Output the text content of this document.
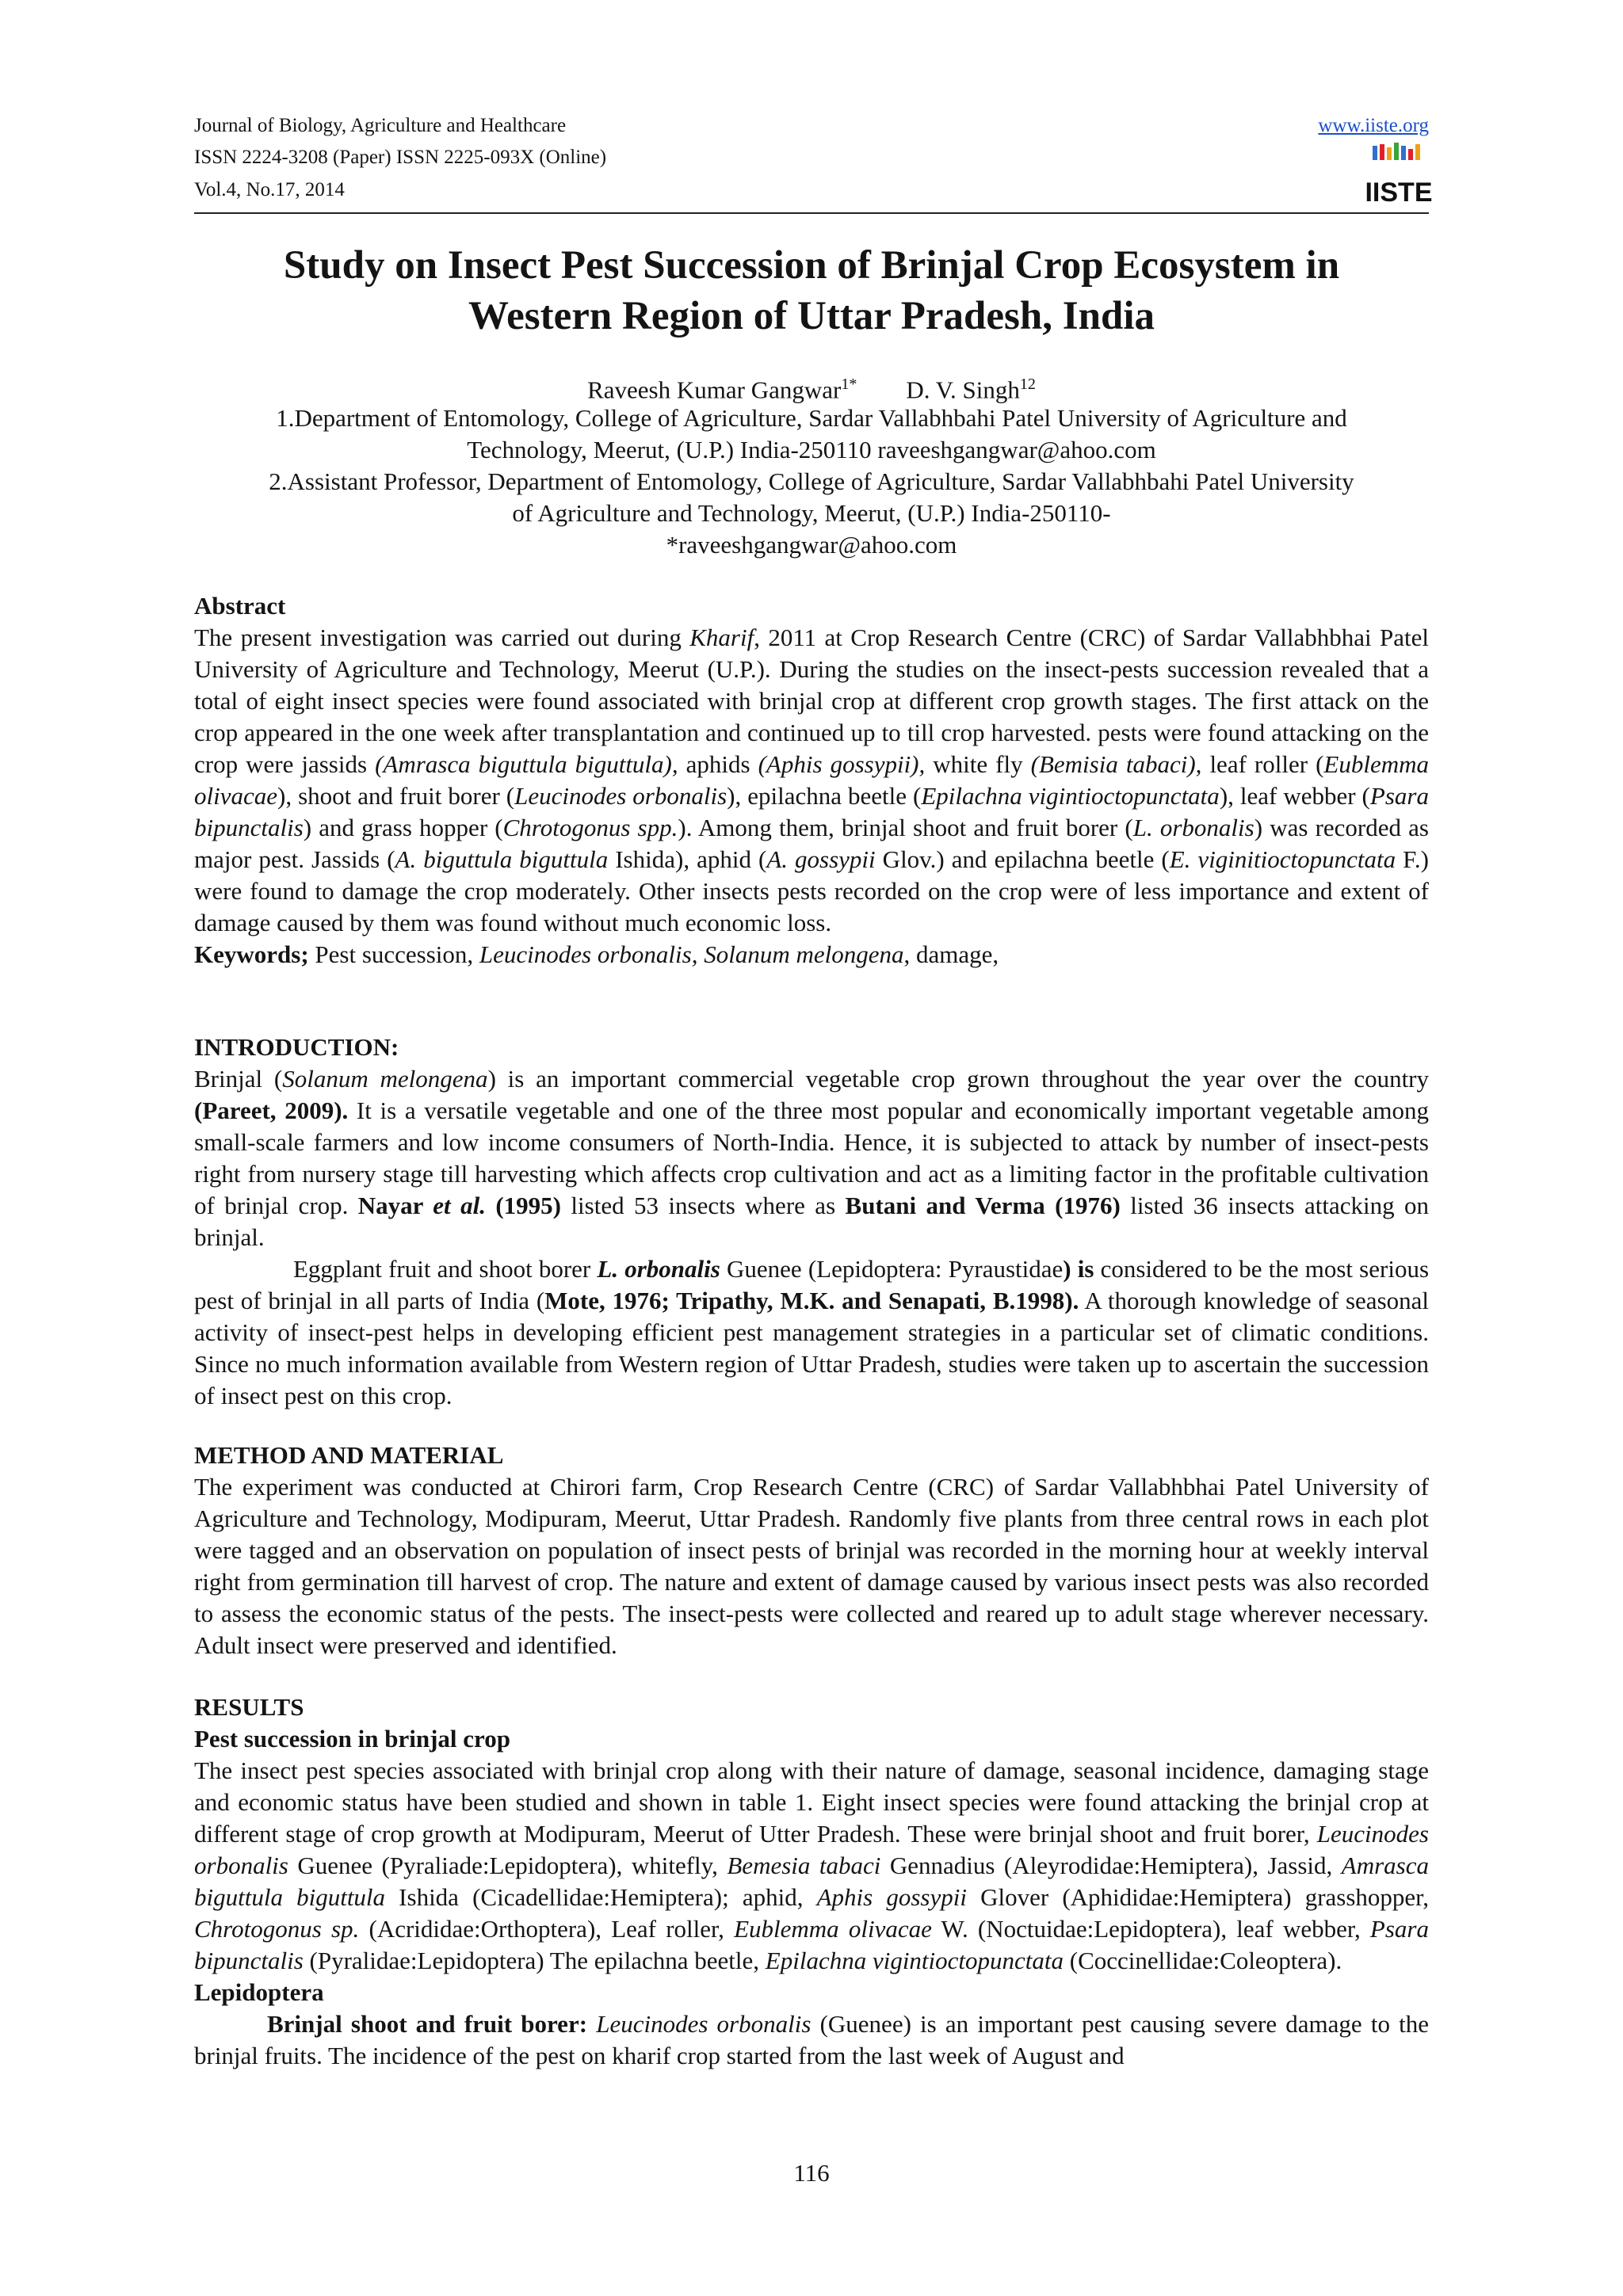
Journal of Biology, Agriculture and Healthcare
ISSN 2224-3208 (Paper) ISSN 2225-093X (Online)
Vol.4, No.17, 2014
www.iiste.org
IISTE
Study on Insect Pest Succession of Brinjal Crop Ecosystem in
Western Region of Uttar Pradesh, India
Raveesh Kumar Gangwar$^{1*}$ D. V. Singh$^{12}$
1.Department of Entomology, College of Agriculture, Sardar Vallabhbahi Patel University of Agriculture and
Technology, Meerut, (U.P.) India-250110 raveeshgangwar@ahoo.com
2.Assistant Professor, Department of Entomology, College of Agriculture, Sardar Vallabhbahi Patel University
of Agriculture and Technology, Meerut, (U.P.) India-250110-
*raveeshgangwar@ahoo.com
Abstract

The present investigation was carried out during Kharif, 2011 at Crop Research Centre (CRC) of Sardar Vallabhbhai Patel University of Agriculture and Technology, Meerut (U.P.). During the studies on the insect-pests succession revealed that a total of eight insect species were found associated with brinjal crop at different crop growth stages. The first attack on the crop appeared in the one week after transplantation and continued up to till crop harvested. pests were found attacking on the crop were jassids (Amrasca biguttula biguttula), aphids (Aphis gossypii), white fly (Bemisia tabaci), leaf roller (Eublemma olivacae), shoot and fruit borer (Leucinodes orbonalis), epilachna beetle (Epilachna vigintioctopunctata), leaf webber (Psara bipunctalis) and grass hopper (Chrotogonus spp.). Among them, brinjal shoot and fruit borer (L. orbonalis) was recorded as major pest. Jassids (A. biguttula biguttula Ishida), aphid (A. gossypii Glov.) and epilachna beetle (E. viginitioctopunctata F.) were found to damage the crop moderately. Other insects pests recorded on the crop were of less importance and extent of damage caused by them was found without much economic loss.

Keywords; Pest succession, Leucinodes orbonalis, Solanum melongena, damage,

INTRODUCTION:

Brinjal (Solanum melongena) is an important commercial vegetable crop grown throughout the year over the country (Pareet, 2009). It is a versatile vegetable and one of the three most popular and economically important vegetable among small-scale farmers and low income consumers of North-India. Hence, it is subjected to attack by number of insect-pests right from nursery stage till harvesting which affects crop cultivation and act as a limiting factor in the profitable cultivation of brinjal crop. Nayar et al. (1995) listed 53 insects where as Butani and Verma (1976) listed 36 insects attacking on brinjal.

Eggplant fruit and shoot borer L. orbonalis Guenee (Lepidoptera: Pyraustidae) is considered to be the most serious pest of brinjal in all parts of India (Mote, 1976; Tripathy, M.K. and Senapati, B.1998). A thorough knowledge of seasonal activity of insect-pest helps in developing efficient pest management strategies in a particular set of climatic conditions. Since no much information available from Western region of Uttar Pradesh, studies were taken up to ascertain the succession of insect pest on this crop.

METHOD AND MATERIAL

The experiment was conducted at Chirori farm, Crop Research Centre (CRC) of Sardar Vallabhbhai Patel University of Agriculture and Technology, Modipuram, Meerut, Uttar Pradesh. Randomly five plants from three central rows in each plot were tagged and an observation on population of insect pests of brinjal was recorded in the morning hour at weekly interval right from germination till harvest of crop. The nature and extent of damage caused by various insect pests was also recorded to assess the economic status of the pests. The insect-pests were collected and reared up to adult stage wherever necessary. Adult insect were preserved and identified.

RESULTS
Pest succession in brinjal crop

The insect pest species associated with brinjal crop along with their nature of damage, seasonal incidence, damaging stage and economic status have been studied and shown in table 1. Eight insect species were found attacking the brinjal crop at different stage of crop growth at Modipuram, Meerut of Utter Pradesh. These were brinjal shoot and fruit borer, Leucinodes orbonalis Guenee (Pyraliade:Lepidoptera), whitefly, Bemesia tabaci Gennadius (Aleyrodidae:Hemiptera), Jassid, Amrasca biguttula biguttula Ishida (Cicadellidae:Hemiptera); aphid, Aphis gossypii Glover (Aphididae:Hemiptera) grasshopper, Chrotogonus sp. (Acrididae:Orthoptera), Leaf roller, Eublemma olivacae W. (Noctuidae:Lepidoptera), leaf webber, Psara bipunctalis (Pyralidae:Lepidoptera) The epilachna beetle, Epilachna vigintioctopunctata (Coccinellidae:Coleoptera).

Lepidoptera

Brinjal shoot and fruit borer: Leucinodes orbonalis (Guenee) is an important pest causing severe damage to the brinjal fruits. The incidence of the pest on kharif crop started from the last week of August and

116
